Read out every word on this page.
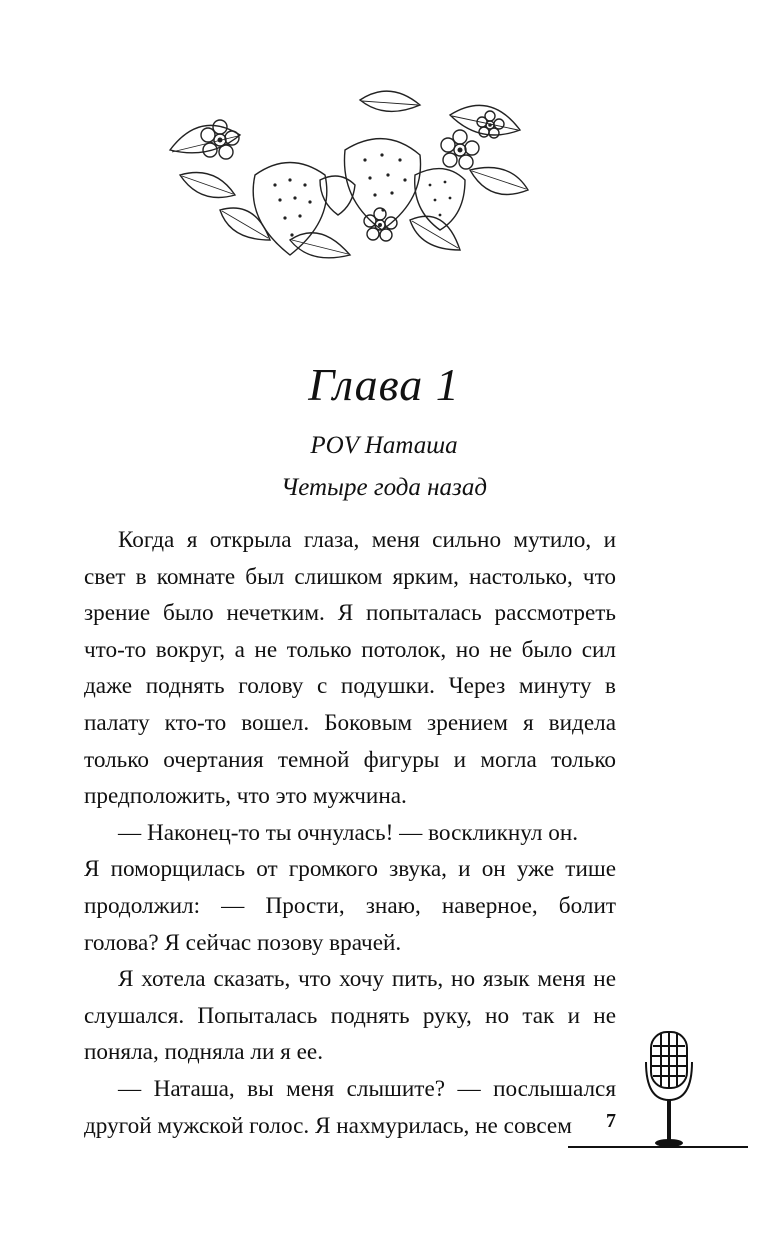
Глава 1
POV Наташа
Четыре года назад

Когда я открыла глаза, меня сильно мутило, и свет в комнате был слишком ярким, настолько, что зрение было нечетким. Я попыталась рассмотреть что-то вокруг, а не только потолок, но не было сил даже поднять голову с подушки. Через минуту в палату кто-то вошел. Боковым зрением я видела только очертания темной фигуры и могла только предположить, что это мужчина.

— Наконец-то ты очнулась! — воскликнул он.

Я поморщилась от громкого звука, и он уже тише продолжил: — Прости, знаю, наверное, болит голова? Я сейчас позову врачей.

Я хотела сказать, что хочу пить, но язык меня не слушался. Попыталась поднять руку, но так и не поняла, подняла ли я ее.

— Наташа, вы меня слышите? — послышался другой мужской голос. Я нахмурилась, не совсем	7
